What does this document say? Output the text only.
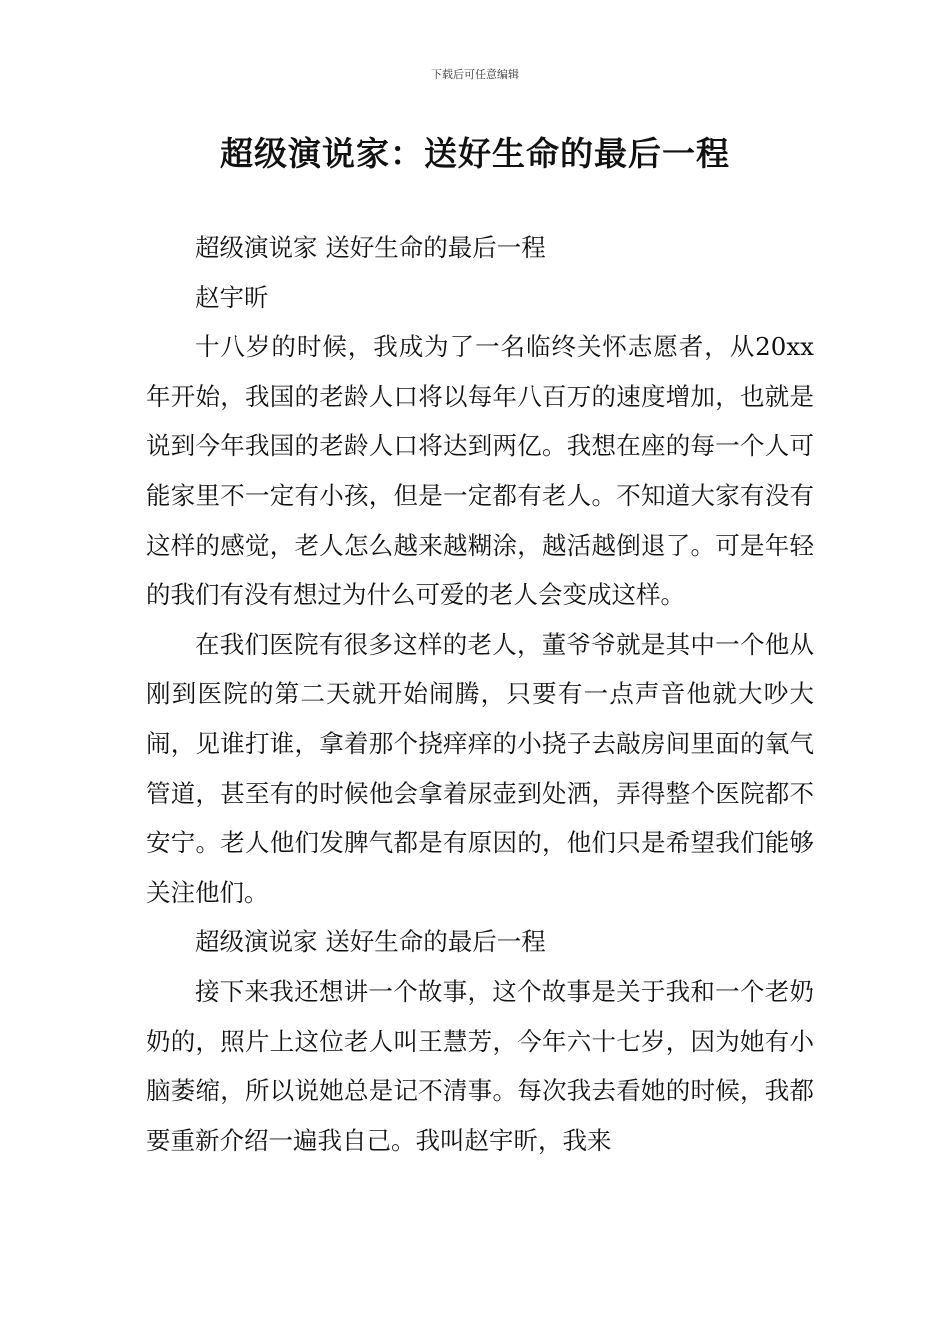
下载后可任意编辑
超级演说家：送好生命的最后一程

超级演说家 送好生命的最后一程

赵宇昕

十八岁的时候，我成为了一名临终关怀志愿者，从20xx年开始，我国的老龄人口将以每年八百万的速度增加，也就是说到今年我国的老龄人口将达到两亿。我想在座的每一个人可能家里不一定有小孩，但是一定都有老人。不知道大家有没有这样的感觉，老人怎么越来越糊涂，越活越倒退了。可是年轻的我们有没有想过为什么可爱的老人会变成这样。

在我们医院有很多这样的老人，董爷爷就是其中一个他从刚到医院的第二天就开始闹腾，只要有一点声音他就大吵大闹，见谁打谁，拿着那个挠痒痒的小挠子去敲房间里面的氧气管道，甚至有的时候他会拿着尿壶到处洒，弄得整个医院都不安宁。老人他们发脾气都是有原因的，他们只是希望我们能够关注他们。

超级演说家 送好生命的最后一程

接下来我还想讲一个故事，这个故事是关于我和一个老奶奶的，照片上这位老人叫王慧芳，今年六十七岁，因为她有小脑萎缩，所以说她总是记不清事。每次我去看她的时候，我都要重新介绍一遍我自己。我叫赵宇昕，我来
